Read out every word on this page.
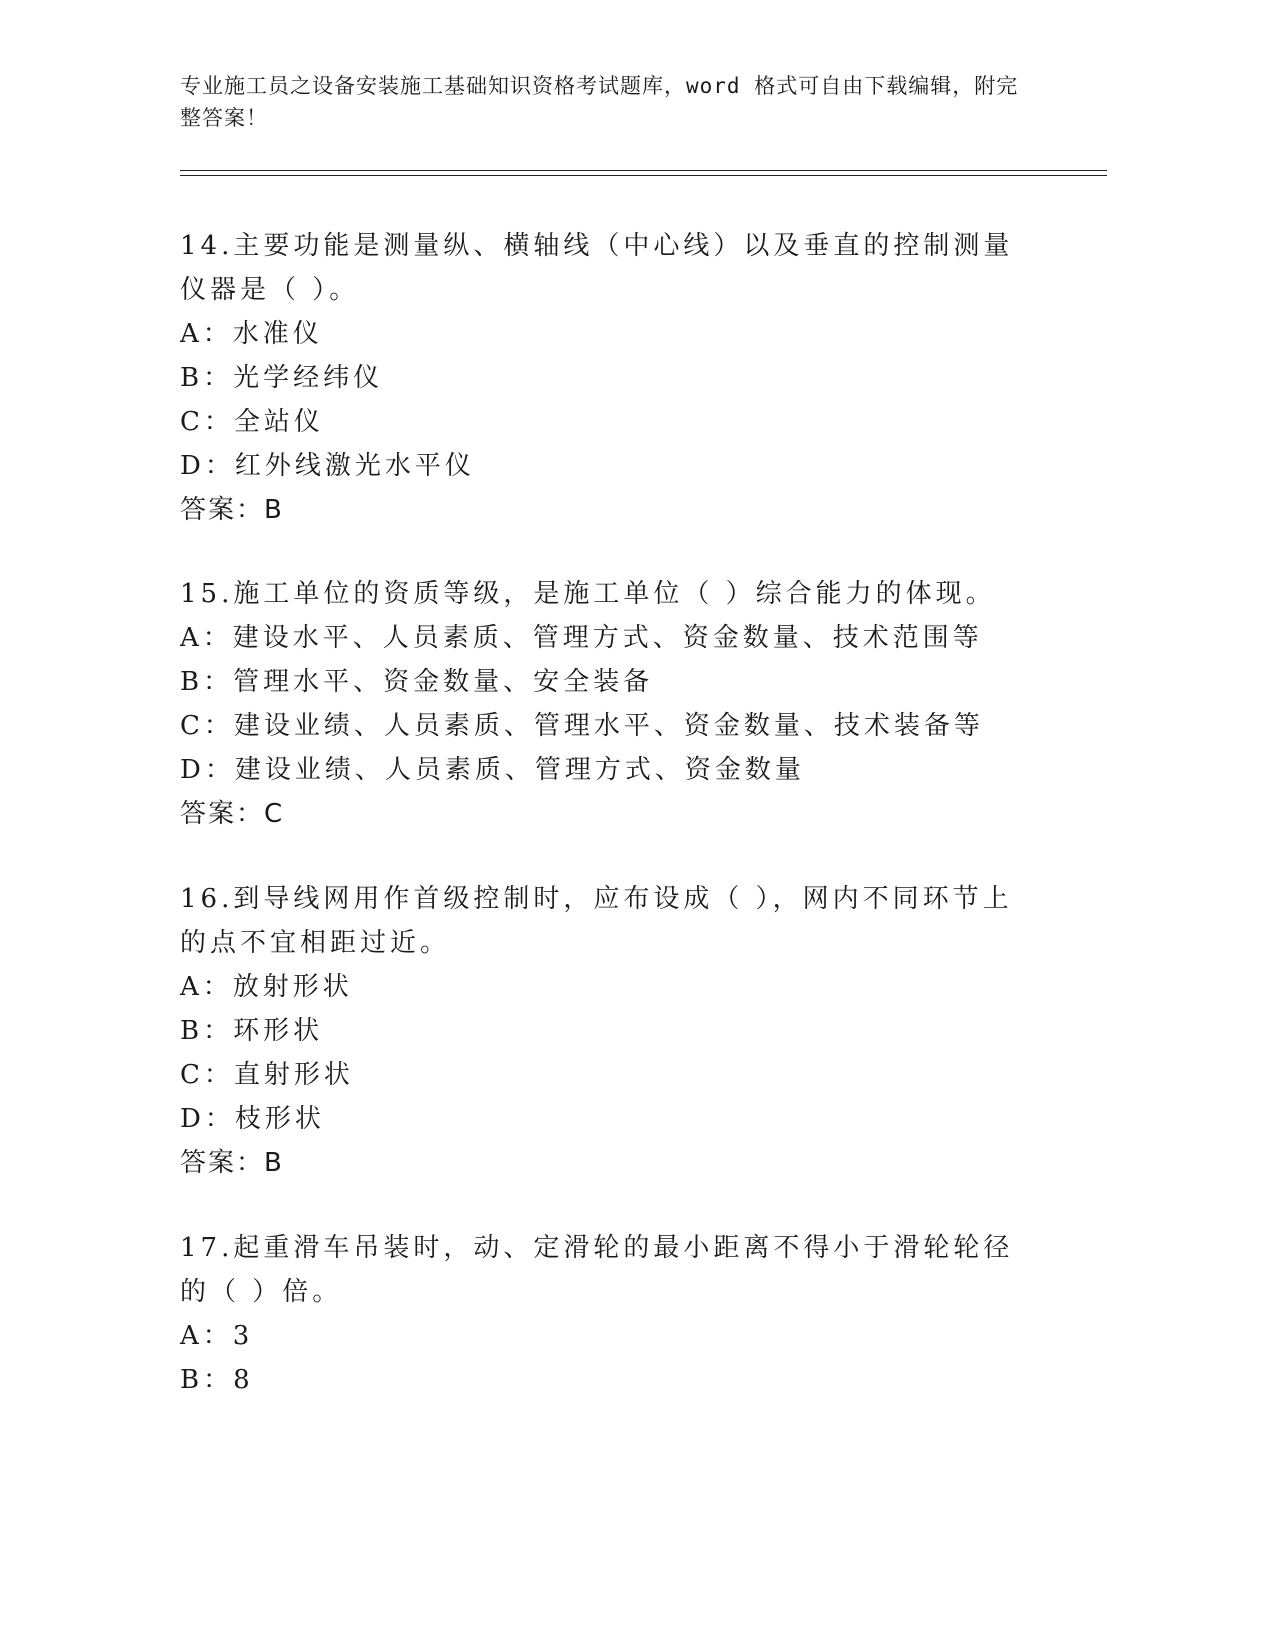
专业施工员之设备安装施工基础知识资格考试题库，word 格式可自由下载编辑，附完整答案！
14.主要功能是测量纵、横轴线（中心线）以及垂直的控制测量仪器是（ ）。
A：水准仪
B：光学经纬仪
C：全站仪
D：红外线激光水平仪
答案：B
15.施工单位的资质等级，是施工单位（ ）综合能力的体现。
A：建设水平、人员素质、管理方式、资金数量、技术范围等
B：管理水平、资金数量、安全装备
C：建设业绩、人员素质、管理水平、资金数量、技术装备等
D：建设业绩、人员素质、管理方式、资金数量
答案：C
16.到导线网用作首级控制时，应布设成（ ），网内不同环节上的点不宜相距过近。
A：放射形状
B：环形状
C：直射形状
D：枝形状
答案：B
17.起重滑车吊装时，动、定滑轮的最小距离不得小于滑轮轮径的（ ）倍。
A：3
B：8
